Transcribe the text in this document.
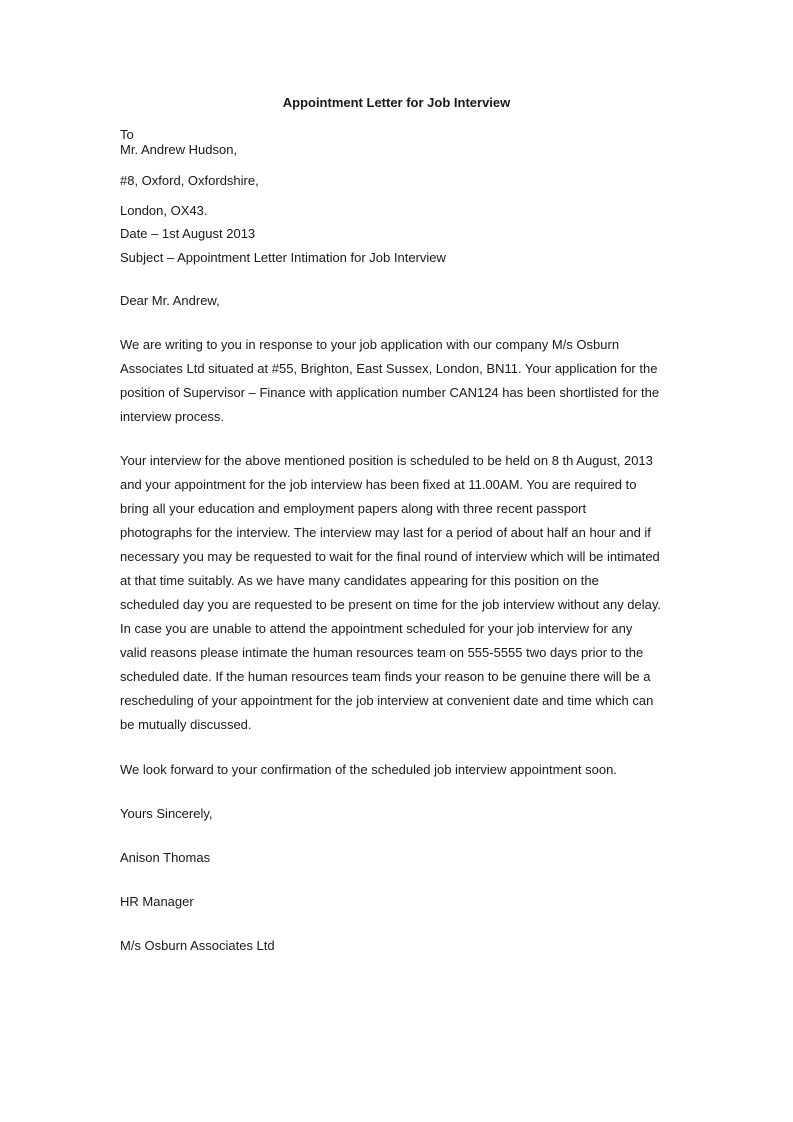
Appointment Letter for Job Interview
To
Mr. Andrew Hudson,
#8, Oxford, Oxfordshire,
London, OX43.
Date – 1st August 2013
Subject – Appointment Letter Intimation for Job Interview
Dear Mr. Andrew,
We are writing to you in response to your job application with our company M/s Osburn
Associates Ltd situated at #55, Brighton, East Sussex, London, BN11. Your application for the
position of Supervisor – Finance with application number CAN124 has been shortlisted for the
interview process.
Your interview for the above mentioned position is scheduled to be held on 8 th August, 2013
and your appointment for the job interview has been fixed at 11.00AM. You are required to
bring all your education and employment papers along with three recent passport
photographs for the interview. The interview may last for a period of about half an hour and if
necessary you may be requested to wait for the final round of interview which will be intimated
at that time suitably. As we have many candidates appearing for this position on the
scheduled day you are requested to be present on time for the job interview without any delay.
In case you are unable to attend the appointment scheduled for your job interview for any
valid reasons please intimate the human resources team on 555-5555 two days prior to the
scheduled date. If the human resources team finds your reason to be genuine there will be a
rescheduling of your appointment for the job interview at convenient date and time which can
be mutually discussed.
We look forward to your confirmation of the scheduled job interview appointment soon.
Yours Sincerely,
Anison Thomas
HR Manager
M/s Osburn Associates Ltd
